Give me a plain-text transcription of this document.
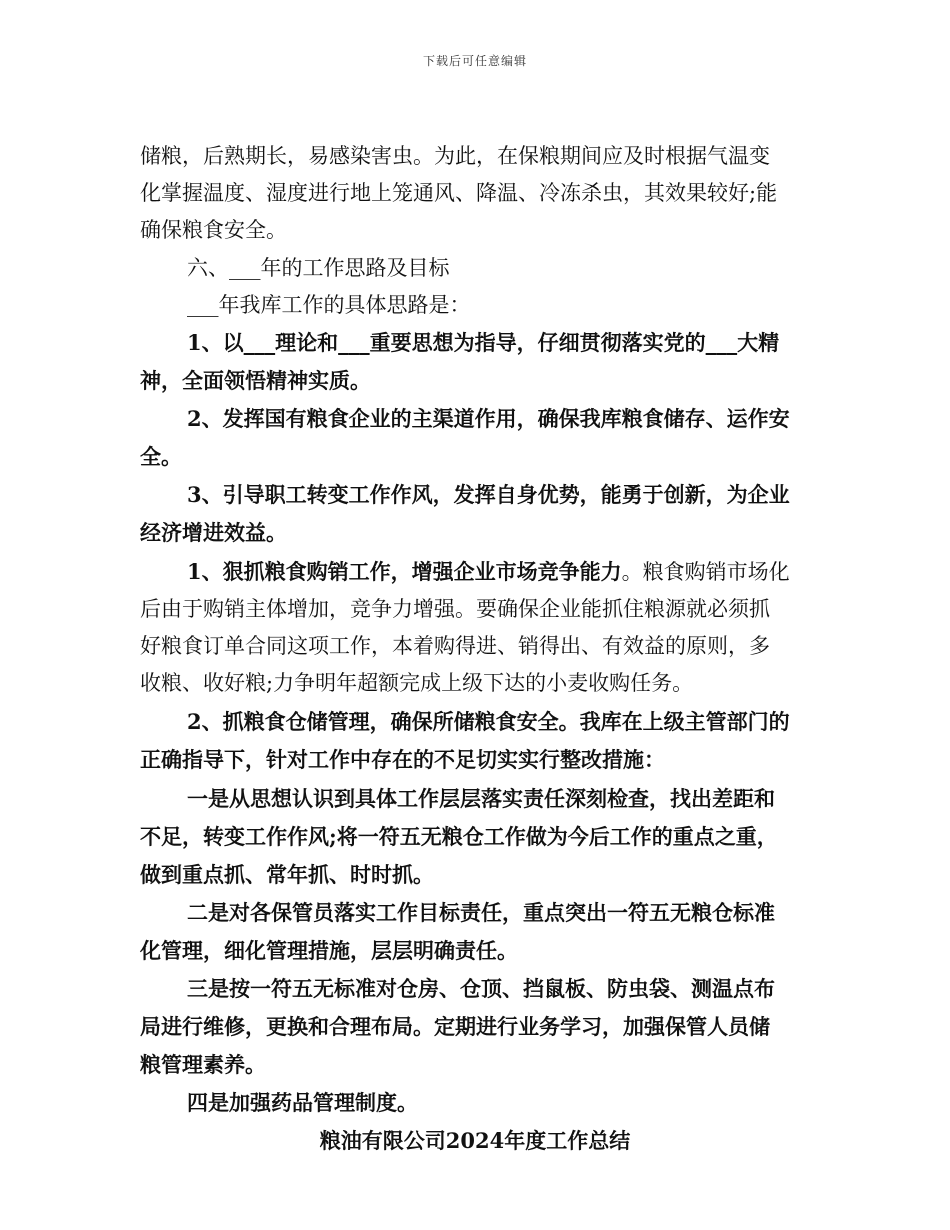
下载后可任意编辑
储粮，后熟期长，易感染害虫。为此，在保粮期间应及时根据气温变
化掌握温度、湿度进行地上笼通风、降温、冷冻杀虫，其效果较好;能
确保粮食安全。
六、___年的工作思路及目标
___年我库工作的具体思路是：
1、以___理论和___重要思想为指导，仔细贯彻落实党的___大精
神，全面领悟精神实质。
2、发挥国有粮食企业的主渠道作用，确保我库粮食储存、运作安
全。
3、引导职工转变工作作风，发挥自身优势，能勇于创新，为企业
经济增进效益。
1、狠抓粮食购销工作，增强企业市场竞争能力。粮食购销市场化
后由于购销主体增加，竞争力增强。要确保企业能抓住粮源就必须抓
好粮食订单合同这项工作，本着购得进、销得出、有效益的原则，多
收粮、收好粮;力争明年超额完成上级下达的小麦收购任务。
2、抓粮食仓储管理，确保所储粮食安全。我库在上级主管部门的
正确指导下，针对工作中存在的不足切实实行整改措施：
一是从思想认识到具体工作层层落实责任深刻检查，找出差距和
不足，转变工作作风;将一符五无粮仓工作做为今后工作的重点之重，
做到重点抓、常年抓、时时抓。
二是对各保管员落实工作目标责任，重点突出一符五无粮仓标准
化管理，细化管理措施，层层明确责任。
三是按一符五无标准对仓房、仓顶、挡鼠板、防虫袋、测温点布
局进行维修，更换和合理布局。定期进行业务学习，加强保管人员储
粮管理素养。
四是加强药品管理制度。
粮油有限公司2024年度工作总结
